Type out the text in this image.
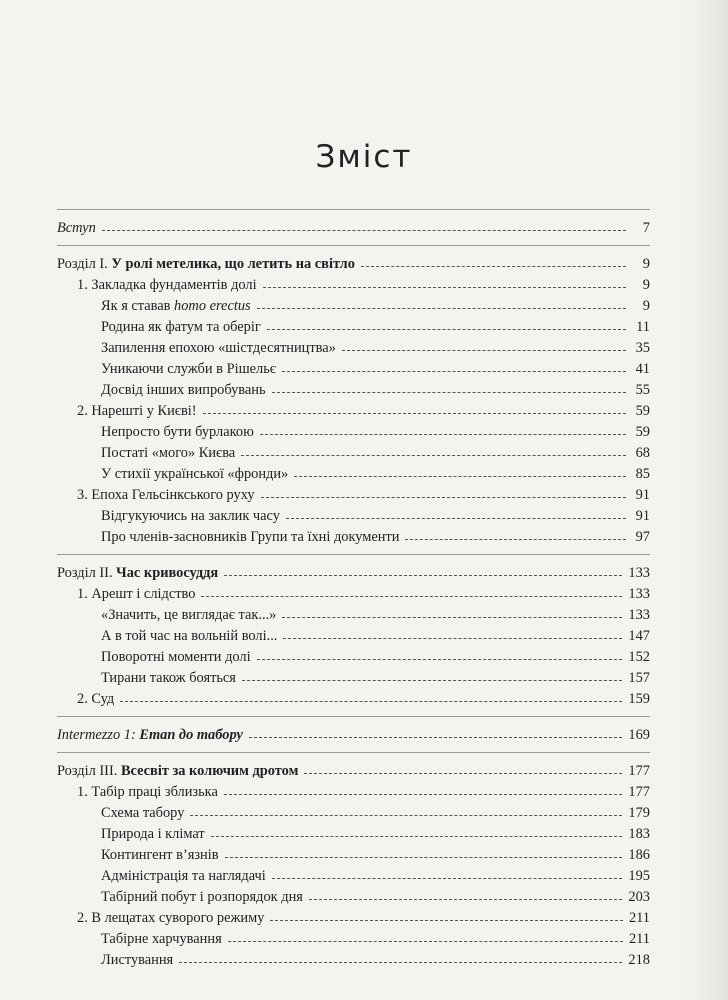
Зміст
Вступ	7
Розділ I. У ролі метелика, що летить на світло	9
1. Закладка фундаментів долі	9
Як я ставав homo erectus	9
Родина як фатум та оберіг	11
Запилення епохою «шістдесятництва»	35
Уникаючи служби в Рішельє	41
Досвід інших випробувань	55
2. Нарешті у Києві!	59
Непросто бути бурлакою	59
Постаті «мого» Києва	68
У стихії української «фронди»	85
3. Епоха Гельсінкського руху	91
Відгукуючись на заклик часу	91
Про членів-засновників Групи та їхні документи	97
Розділ II. Час кривосуддя	133
1. Арешт і слідство	133
«Значить, це виглядає так...»	133
А в той час на вольній волі...	147
Поворотні моменти долі	152
Тирани також бояться	157
2. Суд	159
Intermezzo 1: Етап до табору	169
Розділ III. Всесвіт за колючим дротом	177
1. Табір праці зблизька	177
Схема табору	179
Природа і клімат	183
Контингент в’язнів	186
Адміністрація та наглядачі	195
Табірний побут і розпорядок дня	203
2. В лещатах суворого режиму	211
Табірне харчування	211
Листування	218
